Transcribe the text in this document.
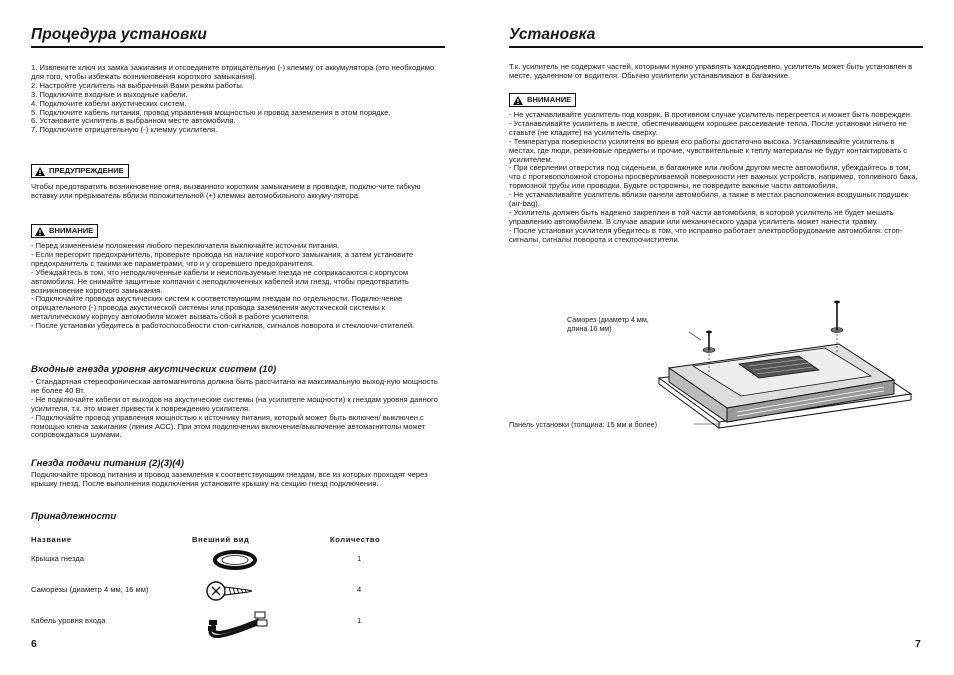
Процедура установки
1. Извлеките ключ из замка зажигания и отсоедините отрицательную (-) клемму от аккумулятора (это необходимо для того, чтобы избежать возникновения короткого замыкания).
2. Настройте усилитель на выбранный Вами режим работы.
3. Подключите входные и выходные кабели.
4. Подключите кабели акустических систем.
5. Подключите кабель питания, провод управления мощностью и провод заземления в этом порядке.
6. Установите усилитель в выбранном месте автомобиля.
7. Подключите отрицательную (-) клемму усилителя.
ПРЕДУПРЕЖДЕНИЕ
Чтобы предотвратить возникновение огня, вызванного коротким замыканием в проводке, подклю-чите гибкую вставку или прерыватель вблизи положительной (+) клеммы автомобильного аккуму-лятора.
ВНИМАНИЕ
- Перед изменением положения любого переключателя выключайте источник питания.
- Если перегорит предохранитель, проверьте провода на наличие короткого замыкания, а затем установите предохранитель с такими же параметрами, что и у сгоревшего предохранителя.
- Убеждайтесь в том, что неподключенные кабели и неиспользуемые гнезда не соприкасаются с корпусом автомобиля. Не снимайте защитные колпачки с неподключенных кабелей или гнезд, чтобы предотвратить возникновение короткого замыкания.
- Подключайте провода акустических систем к соответствующим гнездам по отдельности. Подклю-чение отрицательного (-) провода акустической системы или провода заземления акустической системы к металлическому корпусу автомобиля может вызвать сбой в работе усилителя.
- После установки убедитесь в работоспособности стоп-сигналов, сигналов поворота и стеклоочи-стителей.
Входные гнезда уровня акустических систем (10)
- Стандартная стереофоническая автомагнитола должна быть рассчитана на максимальную выход-ную мощность не более 40 Вт.
- Не подключайте кабели от выходов на акустические системы (на усилителе мощности) к гнездам уровня данного усилителя, т.к. это может привести к повреждению усилителя.
- Подключайте провод управления мощностью к источнику питания, который может быть включен/ выключен с помощью ключа зажигания (линия ACC). При этом подключении включение/выключение автомагнитолы может сопровождаться шумами.
Гнезда подачи питания (2)(3)(4)
Подключайте провод питания и провод заземления к соответствующим гнездам, все из которых проходят через крышку гнезд. После выполнения подключения установите крышку на секцию гнезд подключения.
Принадлежности
Название	Внешний вид	Количество
Крышка гнезда	1
Саморезы (диаметр 4 мм, 16 мм)	4
Кабель уровня входа	1
6
Установка
Т.к. усилитель не содержит частей, которыми нужно управлять каждодневно, усилитель может быть установлен в месте, удаленном от водителя. Обычно усилители устанавливают в багажнике.
ВНИМАНИЕ
- Не устанавливайте усилитель под коврик. В противном случае усилитель перегреется и может быть поврежден.
- Устанавливайте усилитель в месте, обеспечивающем хорошее рассеивание тепла. После установки ничего не ставьте (не кладите) на усилитель сверху.
- Температура поверхности усилителя во время его работы достаточно высока. Устанавливайте усилитель в местах, где люди, резиновые предметы и прочие, чувствительные к теплу материалы не будут контактировать с усилителем.
- При сверлении отверстия под сиденьем, в багажнике или любом другом месте автомобиля, убеждайтесь в том, что с противоположной стороны просверливаемой поверхности нет важных устройств, например, топливного бака, тормозной трубы или проводки. Будьте осторожны, не повредите важные части автомобиля.
- Не устанавливайте усилитель вблизи панели автомобиля, а также в местах расположения воздушных подушек (air-bag).
- Усилитель должен быть надежно закреплен в той части автомобиля, в которой усилитель не будет мешать управлению автомобилем. В случае аварии или механического удара усилитель может нанести травму.
- После установки усилителя убедитесь в том, что исправно работает электрооборудование автомобиля: стоп-сигналы, сигналы поворота и стеклоочистители.
Саморез (диаметр 4 мм,
длина 16 мм)
Панель установки (толщина: 15 мм и более)
7
